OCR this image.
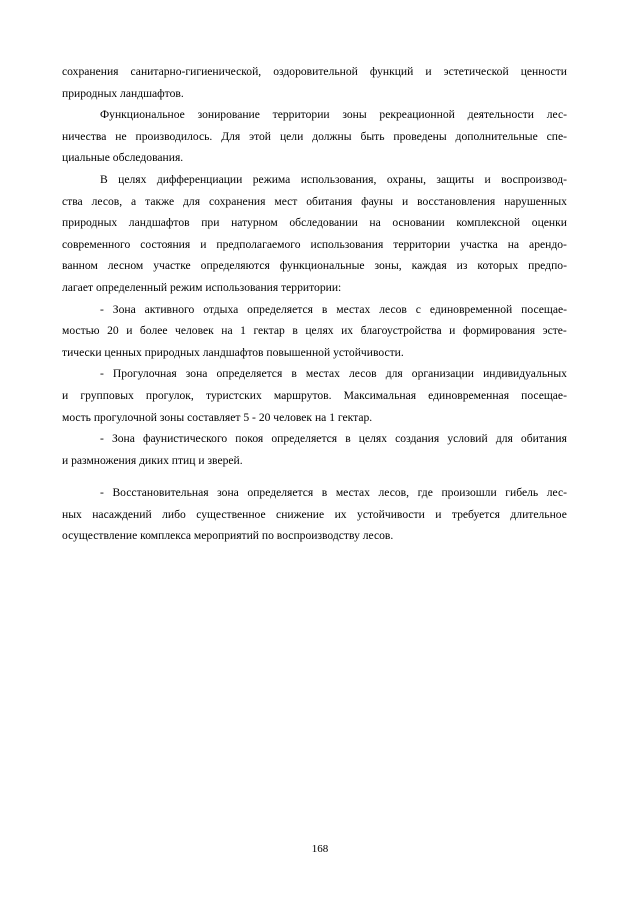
сохранения санитарно-гигиенической, оздоровительной функций и эстетической ценности
природных ландшафтов.
Функциональное зонирование территории зоны рекреационной деятельности лес-
ничества не производилось. Для этой цели должны быть проведены дополнительные спе-
циальные обследования.
В целях дифференциации режима использования, охраны, защиты и воспроизвод-
ства лесов, а также для сохранения мест обитания фауны и восстановления нарушенных
природных ландшафтов при натурном обследовании на основании комплексной оценки
современного состояния и предполагаемого использования территории участка на арендо-
ванном лесном участке определяются функциональные зоны, каждая из которых предпо-
лагает определенный режим использования территории:
- Зона активного отдыха определяется в местах лесов с единовременной посещае-
мостью 20 и более человек на 1 гектар в целях их благоустройства и формирования эсте-
тически ценных природных ландшафтов повышенной устойчивости.
- Прогулочная зона определяется в местах лесов для организации индивидуальных
и групповых прогулок, туристских маршрутов. Максимальная единовременная посещае-
мость прогулочной зоны составляет 5 - 20 человек на 1 гектар.
- Зона фаунистического покоя определяется в целях создания условий для обитания
и размножения диких птиц и зверей.
- Восстановительная зона определяется в местах лесов, где произошли гибель лес-
ных насаждений либо существенное снижение их устойчивости и требуется длительное
осуществление комплекса мероприятий по воспроизводству лесов.
168
